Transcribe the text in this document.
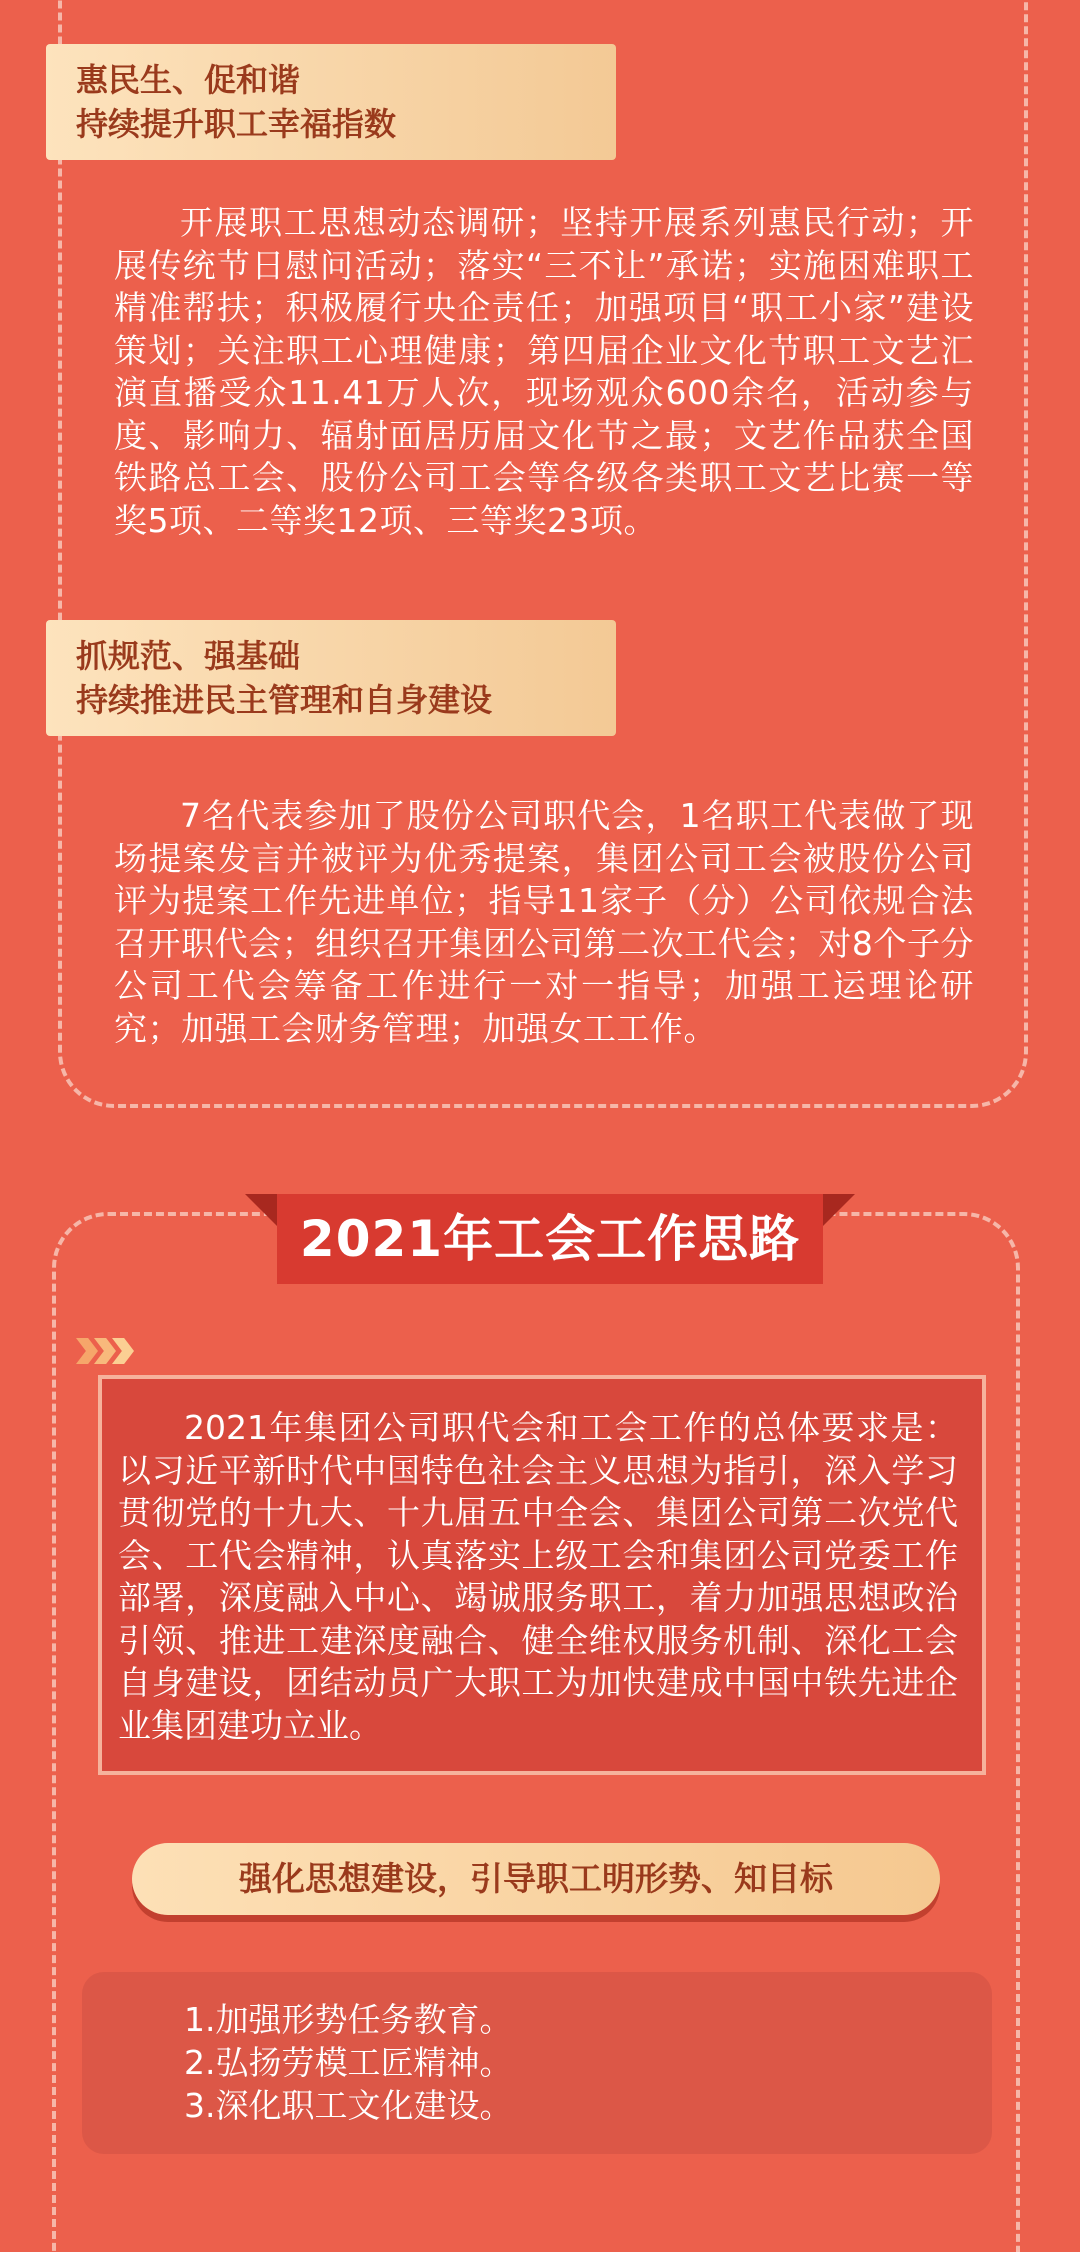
惠民生、促和谐
持续提升职工幸福指数
开展职工思想动态调研；坚持开展系列惠民行动；开展传统节日慰问活动；落实“三不让”承诺；实施困难职工精准帮扶；积极履行央企责任；加强项目“职工小家”建设策划；关注职工心理健康；第四届企业文化节职工文艺汇演直播受众11.41万人次，现场观众600余名，活动参与度、影响力、辐射面居历届文化节之最；文艺作品获全国铁路总工会、股份公司工会等各级各类职工文艺比赛一等奖5项、二等奖12项、三等奖23项。
抓规范、强基础
持续推进民主管理和自身建设
7名代表参加了股份公司职代会，1名职工代表做了现场提案发言并被评为优秀提案，集团公司工会被股份公司评为提案工作先进单位；指导11家子（分）公司依规合法召开职代会；组织召开集团公司第二次工代会；对8个子分公司工代会筹备工作进行一对一指导；加强工运理论研究；加强工会财务管理；加强女工工作。
2021年工会工作思路
2021年集团公司职代会和工会工作的总体要求是： 以习近平新时代中国特色社会主义思想为指引，深入学习贯彻党的十九大、十九届五中全会、集团公司第二次党代会、工代会精神，认真落实上级工会和集团公司党委工作部署，深度融入中心、竭诚服务职工，着力加强思想政治引领、推进工建深度融合、健全维权服务机制、深化工会自身建设，团结动员广大职工为加快建成中国中铁先进企业集团建功立业。
强化思想建设，引导职工明形势、知目标
1.加强形势任务教育。
2.弘扬劳模工匠精神。
3.深化职工文化建设。
